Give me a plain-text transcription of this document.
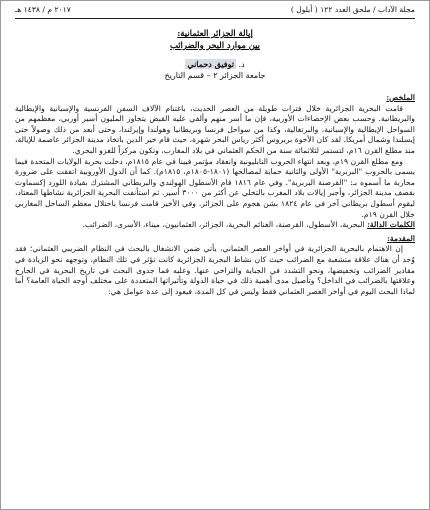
مجلة الآداب / ملحق العدد ١٢٢ ( أيلول )
٢٠١٧ م / ١٤٣٨ هـ
إيالة الجزائر العثمانية:
بين موارد البحر والضرائب
د. توفيق دحماني
جامعة الجزائر ٢ – قسم التاريخ

الملخص:

قامت البحرية الجزائرية خلال فترات طويلة من العصر الحديث، باغتنام الآلاف السفن الفرنسية والإسبانية والإيطالية والبريطانية. وحسب بعض الإحصاءات الأوربية، فإن ما أسر منهم وألقي عليه القبض يتجاوز المليون أسير أوربي، معظمهم من السواحل الإيطالية والإسبانية، والبرتغالية، وكذا من سواحل فرنسا وبريطانيا وهولندا وإيرلندا، وحتى أبعد من ذلك وصولاً حتى إيسلندا وشمال أمريكا. لقد كان الأخوة بربروس أكثر رياس البحر شهرة، حيث قام خير الدين باتخاذ مدينة الجزائر عاصمة للإيالة، منذ مطلع القرن ١٦م، لتستمر لثلاثمائة سنة من الحكم العثماني في بلاد المغارب، وتكون مركزاً للغزو البحري.

ومع مطلع القرن ١٩م، وبعد انتهاء الحروب النابليونية وانعقاد مؤتمر فيينا في عام ١٨١٥م، دخلت بحرية الولايات المتحدة فيما يسمى بالحروب "البربرية" الأولى والثانية حماية لمصالحها (١٨٠١-١٨٠٥م، ١٨١٥م). كما أن الدول الأوروبية اتفقت على ضرورة محاربة ما أسموه بـ: "القرصنة البربرية". وفي عام ١٨١٦ قام الأسطول الهولندي والبريطاني المشترك بقيادة اللورد إكسماوث بقصف مدينة الجزائر، وأجبر إيالات بلاد المغرب بالتخلي عن أكثر من ٣٠٠٠ أسير. ثم استأنفت البحرية الجزائرية نشاطها المعتاد، ليقوم أسطول بريطاني آخر في عام ١٨٢٤ بشن هجوم على الجزائر. وفي الأخير قامت فرنسا باحتلال معظم الساحل المغاربي خلال القرن ١٩م.

الكلمات الدالة: البحرية، الأسطول، القرصنة، الغنائم البحرية، الجزائر، العثمانيون، ميناء، الأسرى، الضرائب.

المقدمة:

إن الاهتمام بالبحرية الجزائرية في أواخر العصر العثماني، يأتي ضمن الانشغال بالبحث في النظام الضريبي العثماني؛ فقد وُجد أن هناك علاقة متشعبة مع الضرائب حيث كان نشاط البحرية الجزائرية كانت تؤثر في تلك النظام، وتوجهه نحو الزيادة في مقادير الضرائب وتخفيضها، ونحو التشدد في الجباية والتراخي عنها. وعليه فما جدوى البحث في تاريخ البحرية في الخارج وعلاقتها بالضرائب في الداخل؟ وتأصيل مدى أهمية ذلك في حياة الدولة وتأثيراتها المتعددة على مختلف أوجه الحياة العامة؟ أما لماذا البحث اليوم في أواخر العصر العثماني فقط وليس في كل المدة، فيعود إلى عدة عوامل هي:
